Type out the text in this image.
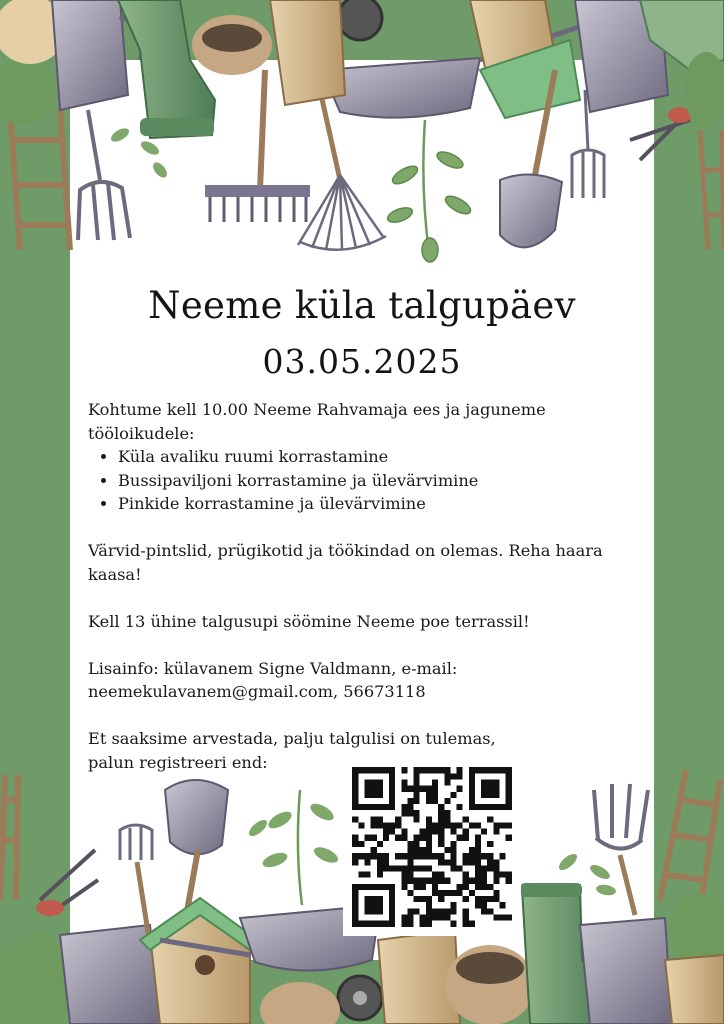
Neeme küla talgupäev
03.05.2025

Kohtume kell 10.00 Neeme Rahvamaja ees ja jaguneme tööloikudele:

• Küla avaliku ruumi korrastamine
• Bussipaviljoni korrastamine ja ülevärvimine
• Pinkide korrastamine ja ülevärvimine

Värvid-pintslid, prügikotid ja töökindad on olemas. Reha haara kaasa!

Kell 13 ühine talgusupi söömine Neeme poe terrassil!

Lisainfo: külavanem Signe Valdmann, e-mail:

neemekulavanem@gmail.com, 56673118

Et saaksime arvestada, palju talgulisi on tulemas,

palun registreeri end:
